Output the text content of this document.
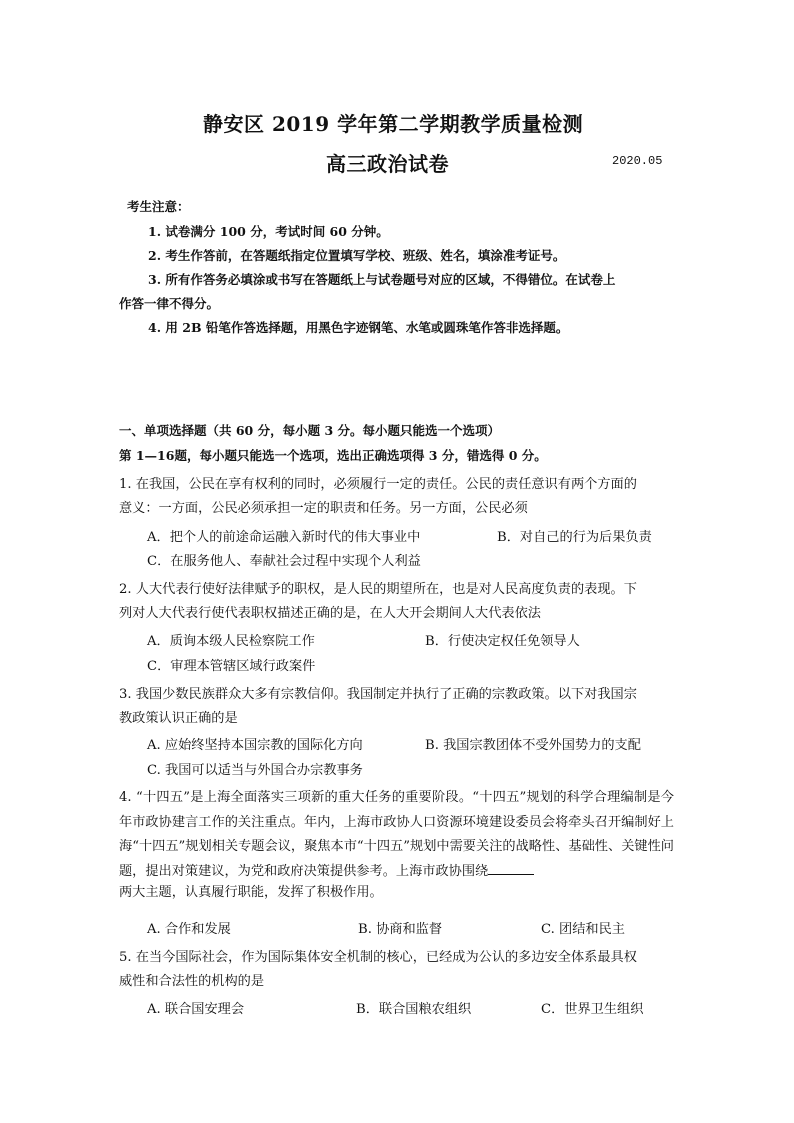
静安区 2019 学年第二学期教学质量检测
高三政治试卷	2020.05
考生注意：
1. 试卷满分 100 分，考试时间 60 分钟。
2. 考生作答前，在答题纸指定位置填写学校、班级、姓名，填涂准考证号。
3. 所有作答务必填涂或书写在答题纸上与试卷题号对应的区域，不得错位。在试卷上
作答一律不得分。
4. 用 2B 铅笔作答选择题，用黑色字迹钢笔、水笔或圆珠笔作答非选择题。
一、单项选择题（共 60 分，每小题 3 分。每小题只能选一个选项）
第 1—16题，每小题只能选一个选项，选出正确选项得 3 分，错选得 0 分。
1. 在我国，公民在享有权利的同时，必须履行一定的责任。公民的责任意识有两个方面的
意义：一方面，公民必须承担一定的职责和任务。另一方面，公民必须
A．把个人的前途命运融入新时代的伟大事业中	B．对自己的行为后果负责
C．在服务他人、奉献社会过程中实现个人利益
2. 人大代表行使好法律赋予的职权，是人民的期望所在，也是对人民高度负责的表现。下
列对人大代表行使代表职权描述正确的是，在人大开会期间人大代表依法
A．质询本级人民检察院工作	B．行使决定权任免领导人
C．审理本管辖区域行政案件
3. 我国少数民族群众大多有宗教信仰。我国制定并执行了正确的宗教政策。以下对我国宗
教政策认识正确的是
A. 应始终坚持本国宗教的国际化方向	B. 我国宗教团体不受外国势力的支配
C. 我国可以适当与外国合办宗教事务
4. “十四五”是上海全面落实三项新的重大任务的重要阶段。“十四五”规划的科学合理编制是今年市政协建言工作的关注重点。年内，上海市政协人口资源环境建设委员会将牵头召开编制好上海“十四五”规划相关专题会议，聚焦本市“十四五”规划中需要关注的战略性、基础性、关键性问题，提出对策建议，为党和政府决策提供参考。上海市政协围绕
两大主题，认真履行职能，发挥了积极作用。
A. 合作和发展	B. 协商和监督	C. 团结和民主
5. 在当今国际社会，作为国际集体安全机制的核心，已经成为公认的多边安全体系最具权
威性和合法性的机构的是
A. 联合国安理会	B．联合国粮农组织	C．世界卫生组织
